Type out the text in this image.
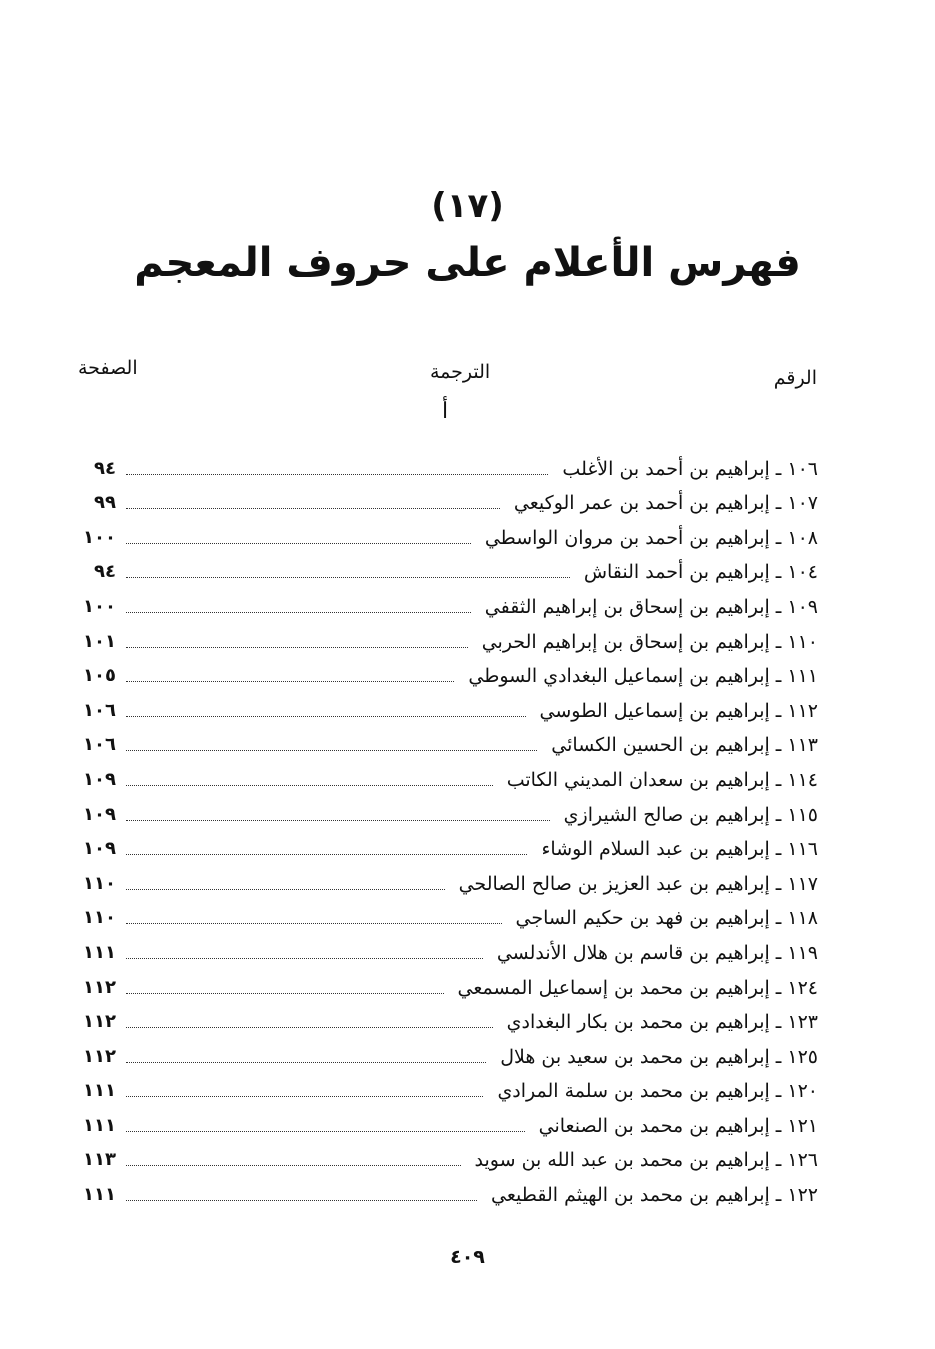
(١٧)
فهرس الأعلام على حروف المعجم
الرقم
الترجمة
الصفحة
أ
١٠٦
ـ
إبراهيم بن أحمد بن الأغلب
٩٤
١٠٧
ـ
إبراهيم بن أحمد بن عمر الوكيعي
٩٩
١٠٨
ـ
إبراهيم بن أحمد بن مروان الواسطي
١٠٠
١٠٤
ـ
إبراهيم بن أحمد النقاش
٩٤
١٠٩
ـ
إبراهيم بن إسحاق بن إبراهيم الثقفي
١٠٠
١١٠
ـ
إبراهيم بن إسحاق بن إبراهيم الحربي
١٠١
١١١
ـ
إبراهيم بن إسماعيل البغدادي السوطي
١٠٥
١١٢
ـ
إبراهيم بن إسماعيل الطوسي
١٠٦
١١٣
ـ
إبراهيم بن الحسين الكسائي
١٠٦
١١٤
ـ
إبراهيم بن سعدان المديني الكاتب
١٠٩
١١٥
ـ
إبراهيم بن صالح الشيرازي
١٠٩
١١٦
ـ
إبراهيم بن عبد السلام الوشاء
١٠٩
١١٧
ـ
إبراهيم بن عبد العزيز بن صالح الصالحي
١١٠
١١٨
ـ
إبراهيم بن فهد بن حكيم الساجي
١١٠
١١٩
ـ
إبراهيم بن قاسم بن هلال الأندلسي
١١١
١٢٤
ـ
إبراهيم بن محمد بن إسماعيل المسمعي
١١٢
١٢٣
ـ
إبراهيم بن محمد بن بكار البغدادي
١١٢
١٢٥
ـ
إبراهيم بن محمد بن سعيد بن هلال
١١٢
١٢٠
ـ
إبراهيم بن محمد بن سلمة المرادي
١١١
١٢١
ـ
إبراهيم بن محمد بن الصنعاني
١١١
١٢٦
ـ
إبراهيم بن محمد بن عبد الله بن سويد
١١٣
١٢٢
ـ
إبراهيم بن محمد بن الهيثم القطيعي
١١١
٤٠٩
